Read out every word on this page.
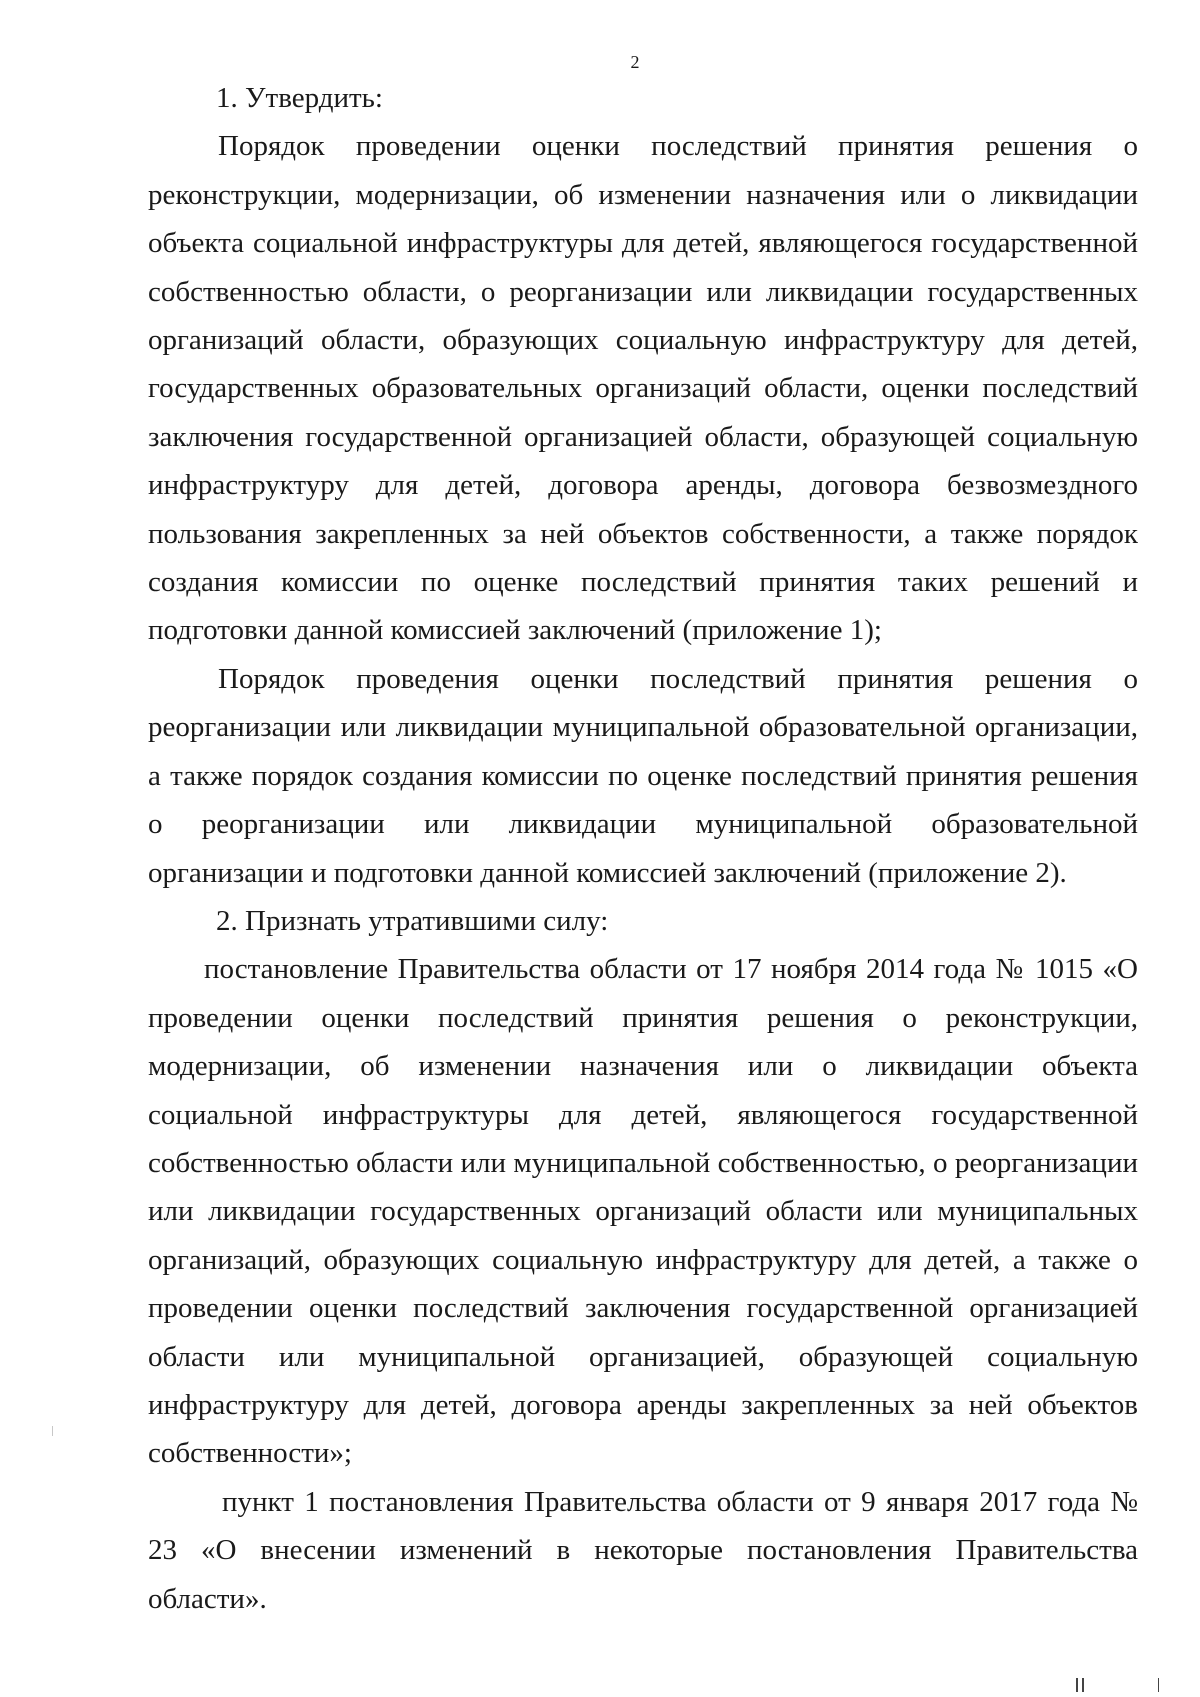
2

1. Утвердить:

Порядок проведении оценки последствий принятия решения о реконструкции, модернизации, об изменении назначения или о ликвидации объекта социальной инфраструктуры для детей, являющегося государственной собственностью области, о реорганизации или ликвидации государственных организаций области, образующих социальную инфраструктуру для детей, государственных образовательных организаций области, оценки последствий заключения государственной организацией области, образующей социальную инфраструктуру для детей, договора аренды, договора безвозмездного пользования закрепленных за ней объектов собственности, а также порядок создания комиссии по оценке последствий принятия таких решений и подготовки данной комиссией заключений (приложение 1);

Порядок проведения оценки последствий принятия решения о реорганизации или ликвидации муниципальной образовательной организации, а также порядок создания комиссии по оценке последствий принятия решения о реорганизации или ликвидации муниципальной образовательной организации и подготовки данной комиссией заключений (приложение 2).

2. Признать утратившими силу:

постановление Правительства области от 17 ноября 2014 года № 1015 «О проведении оценки последствий принятия решения о реконструкции, модернизации, об изменении назначения или о ликвидации объекта социальной инфраструктуры для детей, являющегося государственной собственностью области или муниципальной собственностью, о реорганизации или ликвидации государственных организаций области или муниципальных организаций, образующих социальную инфраструктуру для детей, а также о проведении оценки последствий заключения государственной организацией области или муниципальной организацией, образующей социальную инфраструктуру для детей, договора аренды закрепленных за ней объектов собственности»;

пункт 1 постановления Правительства области от 9 января 2017 года № 23 «О внесении изменений в некоторые постановления Правительства области».
